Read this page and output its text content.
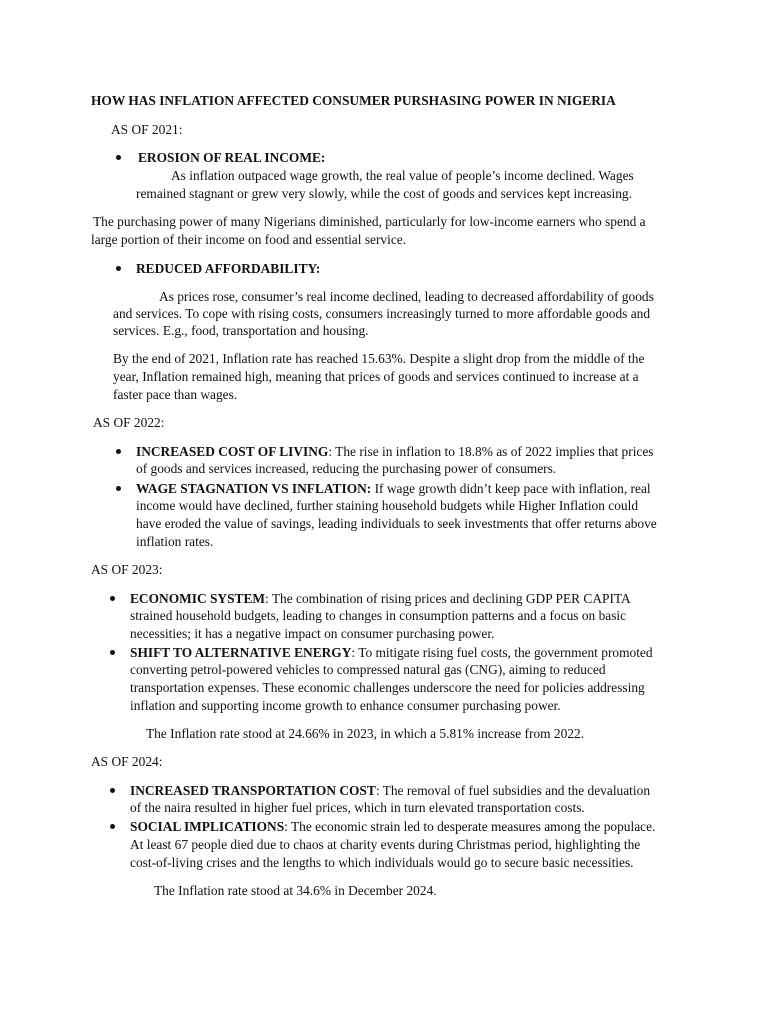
HOW HAS INFLATION AFFECTED CONSUMER PURSHASING POWER IN NIGERIA
AS OF 2021:
EROSION OF REAL INCOME:
As inflation outpaced wage growth, the real value of people’s income declined. Wages
remained stagnant or grew very slowly, while the cost of goods and services kept increasing.
The purchasing power of many Nigerians diminished, particularly for low-income earners who spend a
large portion of their income on food and essential service.
REDUCED AFFORDABILITY:
As prices rose, consumer’s real income declined, leading to decreased affordability of goods
and services. To cope with rising costs, consumers increasingly turned to more affordable goods and
services. E.g., food, transportation and housing.
By the end of 2021, Inflation rate has reached 15.63%. Despite a slight drop from the middle of the
year, Inflation remained high, meaning that prices of goods and services continued to increase at a
faster pace than wages.
AS OF 2022:
INCREASED COST OF LIVING: The rise in inflation to 18.8% as of 2022 implies that prices
of goods and services increased, reducing the purchasing power of consumers.
WAGE STAGNATION VS INFLATION: If wage growth didn’t keep pace with inflation, real
income would have declined, further staining household budgets while Higher Inflation could
have eroded the value of savings, leading individuals to seek investments that offer returns above
inflation rates.
AS OF 2023:
ECONOMIC SYSTEM: The combination of rising prices and declining GDP PER CAPITA
strained household budgets, leading to changes in consumption patterns and a focus on basic
necessities; it has a negative impact on consumer purchasing power.
SHIFT TO ALTERNATIVE ENERGY: To mitigate rising fuel costs, the government promoted
converting petrol-powered vehicles to compressed natural gas (CNG), aiming to reduced
transportation expenses. These economic challenges underscore the need for policies addressing
inflation and supporting income growth to enhance consumer purchasing power.
The Inflation rate stood at 24.66% in 2023, in which a 5.81% increase from 2022.
AS OF 2024:
INCREASED TRANSPORTATION COST: The removal of fuel subsidies and the devaluation
of the naira resulted in higher fuel prices, which in turn elevated transportation costs.
SOCIAL IMPLICATIONS: The economic strain led to desperate measures among the populace.
At least 67 people died due to chaos at charity events during Christmas period, highlighting the
cost-of-living crises and the lengths to which individuals would go to secure basic necessities.
The Inflation rate stood at 34.6% in December 2024.
